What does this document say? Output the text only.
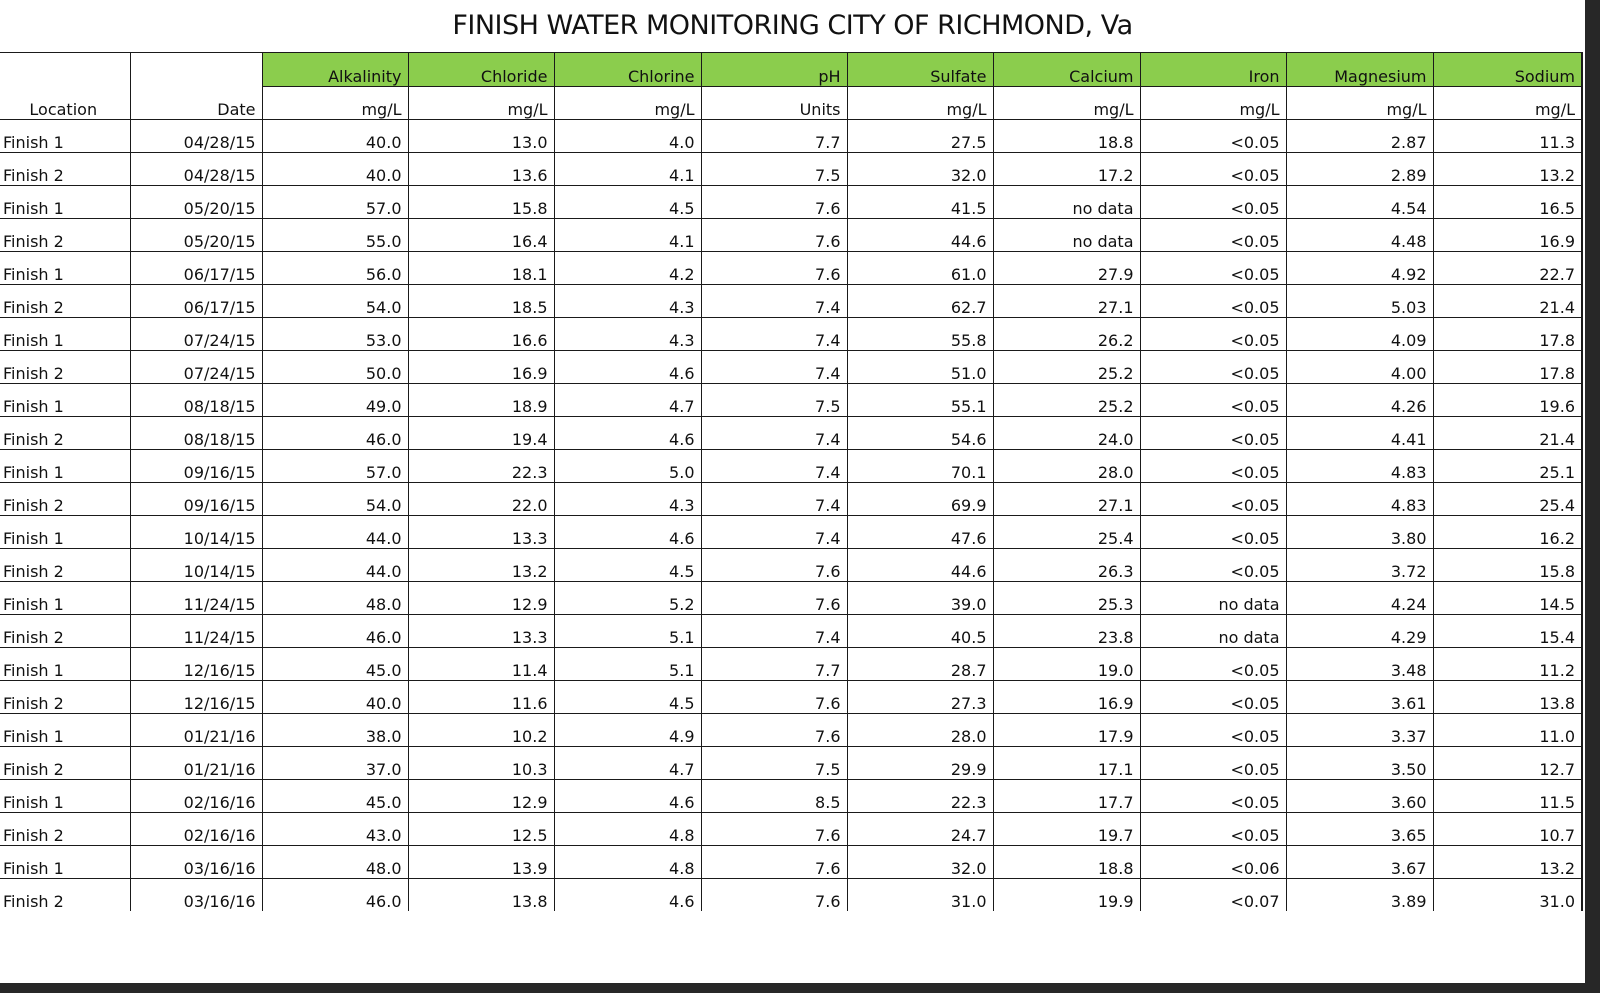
FINISH WATER MONITORING CITY OF RICHMOND, Va
		Alkalinity	Chloride	Chlorine	pH	Sulfate	Calcium	Iron	Magnesium	Sodium
Location	Date	mg/L	mg/L	mg/L	Units	mg/L	mg/L	mg/L	mg/L	mg/L
Finish 1	04/28/15	40.0	13.0	4.0	7.7	27.5	18.8	<0.05	2.87	11.3
Finish 2	04/28/15	40.0	13.6	4.1	7.5	32.0	17.2	<0.05	2.89	13.2
Finish 1	05/20/15	57.0	15.8	4.5	7.6	41.5	no data	<0.05	4.54	16.5
Finish 2	05/20/15	55.0	16.4	4.1	7.6	44.6	no data	<0.05	4.48	16.9
Finish 1	06/17/15	56.0	18.1	4.2	7.6	61.0	27.9	<0.05	4.92	22.7
Finish 2	06/17/15	54.0	18.5	4.3	7.4	62.7	27.1	<0.05	5.03	21.4
Finish 1	07/24/15	53.0	16.6	4.3	7.4	55.8	26.2	<0.05	4.09	17.8
Finish 2	07/24/15	50.0	16.9	4.6	7.4	51.0	25.2	<0.05	4.00	17.8
Finish 1	08/18/15	49.0	18.9	4.7	7.5	55.1	25.2	<0.05	4.26	19.6
Finish 2	08/18/15	46.0	19.4	4.6	7.4	54.6	24.0	<0.05	4.41	21.4
Finish 1	09/16/15	57.0	22.3	5.0	7.4	70.1	28.0	<0.05	4.83	25.1
Finish 2	09/16/15	54.0	22.0	4.3	7.4	69.9	27.1	<0.05	4.83	25.4
Finish 1	10/14/15	44.0	13.3	4.6	7.4	47.6	25.4	<0.05	3.80	16.2
Finish 2	10/14/15	44.0	13.2	4.5	7.6	44.6	26.3	<0.05	3.72	15.8
Finish 1	11/24/15	48.0	12.9	5.2	7.6	39.0	25.3	no data	4.24	14.5
Finish 2	11/24/15	46.0	13.3	5.1	7.4	40.5	23.8	no data	4.29	15.4
Finish 1	12/16/15	45.0	11.4	5.1	7.7	28.7	19.0	<0.05	3.48	11.2
Finish 2	12/16/15	40.0	11.6	4.5	7.6	27.3	16.9	<0.05	3.61	13.8
Finish 1	01/21/16	38.0	10.2	4.9	7.6	28.0	17.9	<0.05	3.37	11.0
Finish 2	01/21/16	37.0	10.3	4.7	7.5	29.9	17.1	<0.05	3.50	12.7
Finish 1	02/16/16	45.0	12.9	4.6	8.5	22.3	17.7	<0.05	3.60	11.5
Finish 2	02/16/16	43.0	12.5	4.8	7.6	24.7	19.7	<0.05	3.65	10.7
Finish 1	03/16/16	48.0	13.9	4.8	7.6	32.0	18.8	<0.06	3.67	13.2
Finish 2	03/16/16	46.0	13.8	4.6	7.6	31.0	19.9	<0.07	3.89	31.0
